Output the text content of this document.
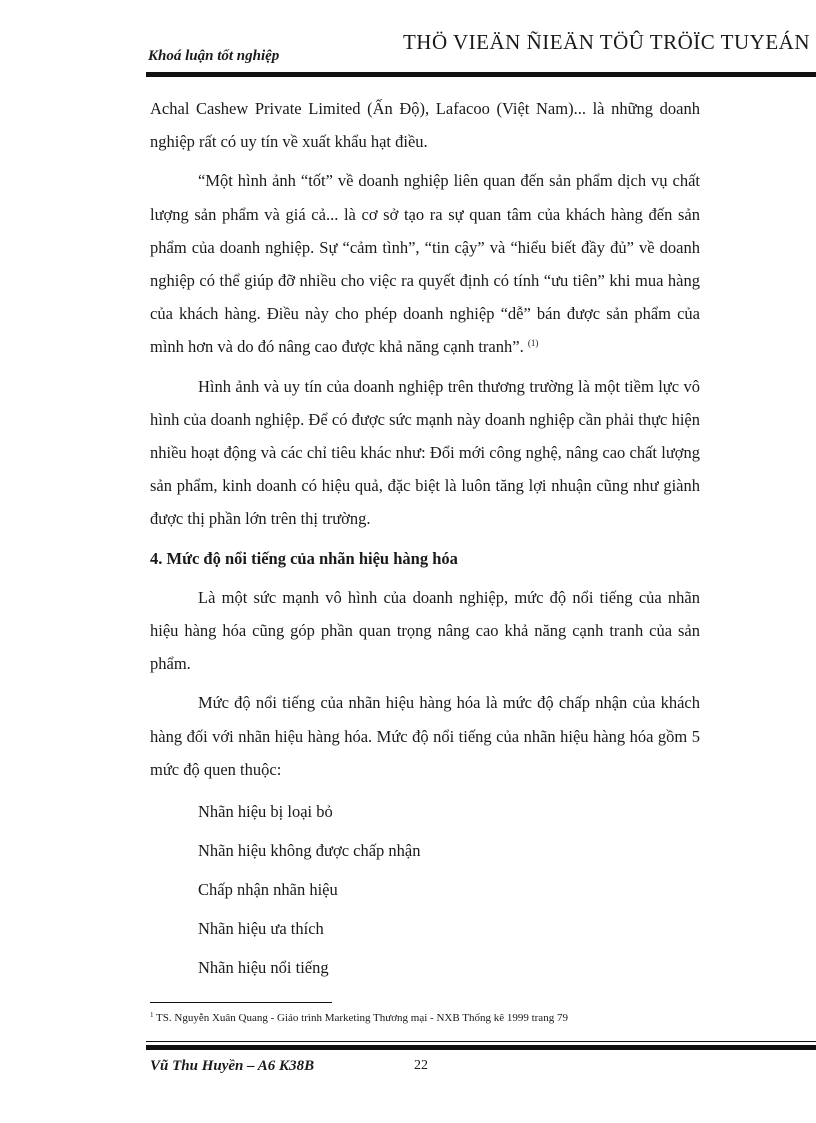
Khoá luận tốt nghiệp
THÖ VIEÄN ÑIEÄN TÖÛ TRÖÏC TUYEÁN

Achal Cashew Private Limited (Ấn Độ), Lafacoo (Việt Nam)... là những doanh nghiệp rất có uy tín về xuất khẩu hạt điều.

“Một hình ảnh “tốt” về doanh nghiệp liên quan đến sản phẩm dịch vụ chất lượng sản phẩm và giá cả... là cơ sở tạo ra sự quan tâm của khách hàng đến sản phẩm của doanh nghiệp. Sự “cảm tình”, “tin cậy” và “hiểu biết đầy đủ” về doanh nghiệp có thể giúp đỡ nhiều cho việc ra quyết định có tính “ưu tiên” khi mua hàng của khách hàng. Điều này cho phép doanh nghiệp “dễ” bán được sản phẩm của mình hơn và do đó nâng cao được khả năng cạnh tranh”. $^{(1)}$

Hình ảnh và uy tín của doanh nghiệp trên thương trường là một tiềm lực vô hình của doanh nghiệp. Để có được sức mạnh này doanh nghiệp cần phải thực hiện nhiều hoạt động và các chỉ tiêu khác như: Đổi mới công nghệ, nâng cao chất lượng sản phẩm, kinh doanh có hiệu quả, đặc biệt là luôn tăng lợi nhuận cũng như giành được thị phần lớn trên thị trường.

4. Mức độ nổi tiếng của nhãn hiệu hàng hóa

Là một sức mạnh vô hình của doanh nghiệp, mức độ nổi tiếng của nhãn hiệu hàng hóa cũng góp phần quan trọng nâng cao khả năng cạnh tranh của sản phẩm.

Mức độ nổi tiếng của nhãn hiệu hàng hóa là mức độ chấp nhận của khách hàng đối với nhãn hiệu hàng hóa. Mức độ nổi tiếng của nhãn hiệu hàng hóa gồm 5 mức độ quen thuộc:

Nhãn hiệu bị loại bỏ
Nhãn hiệu không được chấp nhận
Chấp nhận nhãn hiệu
Nhãn hiệu ưa thích
Nhãn hiệu nổi tiếng
$^1$ TS. Nguyễn Xuân Quang - Giáo trình Marketing Thương mại - NXB Thống kê 1999 trang 79
Vũ Thu Huyền – A6 K38B	22
